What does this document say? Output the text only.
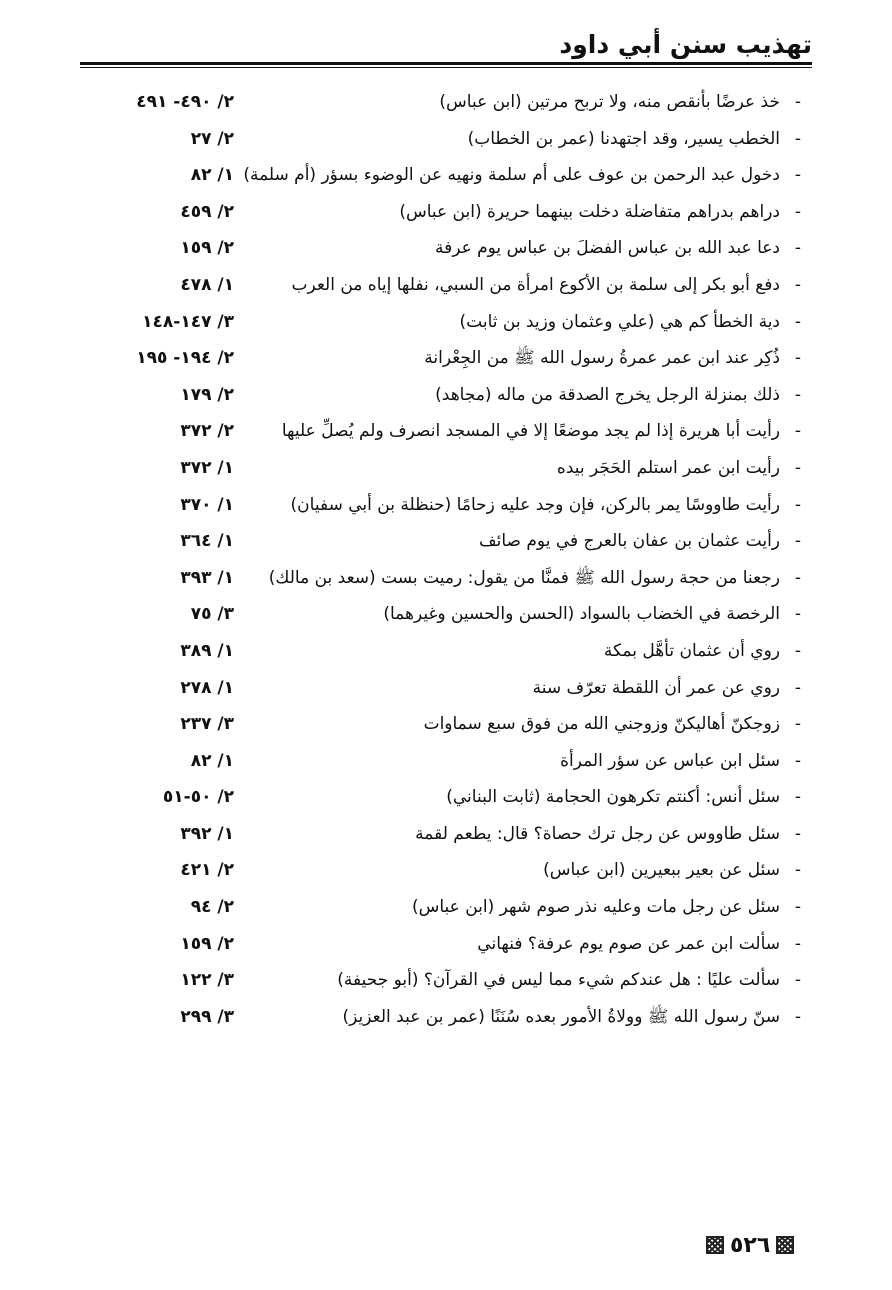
تهذيب سنن أبي داود
-
خذ عرضًا بأنقص منه، ولا تربح مرتين (ابن عباس)
٢/ ٤٩٠- ٤٩١
-
الخطب يسير، وقد اجتهدنا (عمر بن الخطاب)
٢/ ٢٧
-
دخول عبد الرحمن بن عوف على أم سلمة ونهيه عن الوضوء بسؤر (أم سلمة)
١/ ٨٢
-
دراهم بدراهم متفاضلة دخلت بينهما حريرة (ابن عباس)
٢/ ٤٥٩
-
دعا عبد الله بن عباس الفضلَ بن عباس يوم عرفة
٢/ ١٥٩
-
دفع أبو بكر إلى سلمة بن الأكوع امرأة من السبي، نفلها إياه من العرب
١/ ٤٧٨
-
دية الخطأ كم هي (علي وعثمان وزيد بن ثابت)
٣/ ١٤٧-١٤٨
-
ذُكِر عند ابن عمر عمرةُ رسول الله ﷺ من الجِعْرانة
٢/ ١٩٤- ١٩٥
-
ذلك بمنزلة الرجل يخرج الصدقة من ماله (مجاهد)
٢/ ١٧٩
-
رأيت أبا هريرة إذا لم يجد موضعًا إلا في المسجد انصرف ولم يُصلِّ عليها
٢/ ٣٧٢
-
رأيت ابن عمر استلم الحَجَر بيده
١/ ٣٧٢
-
رأيت طاووسًا يمر بالركن، فإن وجد عليه زحامًا (حنظلة بن أبي سفيان)
١/ ٣٧٠
-
رأيت عثمان بن عفان بالعرج في يوم صائف
١/ ٣٦٤
-
رجعنا من حجة رسول الله ﷺ فمنَّا من يقول: رميت بست (سعد بن مالك)
١/ ٣٩٣
-
الرخصة في الخضاب بالسواد (الحسن والحسين وغيرهما)
٣/ ٧٥
-
روي أن عثمان تأهَّل بمكة
١/ ٣٨٩
-
روي عن عمر أن اللقطة تعرّف سنة
١/ ٢٧٨
-
زوجكنّ أهاليكنّ وزوجني الله من فوق سبع سماوات
٣/ ٢٣٧
-
سئل ابن عباس عن سؤر المرأة
١/ ٨٢
-
سئل أنس: أكنتم تكرهون الحجامة (ثابت البناني)
٢/ ٥٠-٥١
-
سئل طاووس عن رجل ترك حصاة؟ قال: يطعم لقمة
١/ ٣٩٢
-
سئل عن بعير ببعيرين (ابن عباس)
٢/ ٤٢١
-
سئل عن رجل مات وعليه نذر صوم شهر (ابن عباس)
٢/ ٩٤
-
سألت ابن عمر عن صوم يوم عرفة؟ فنهاني
٢/ ١٥٩
-
سألت عليًا : هل عندكم شيء مما ليس في القرآن؟ (أبو جحيفة)
٣/ ١٢٢
-
سنّ رسول الله ﷺ وولاةُ الأمور بعده سُنَنًا (عمر بن عبد العزيز)
٣/ ٢٩٩
٥٢٦
